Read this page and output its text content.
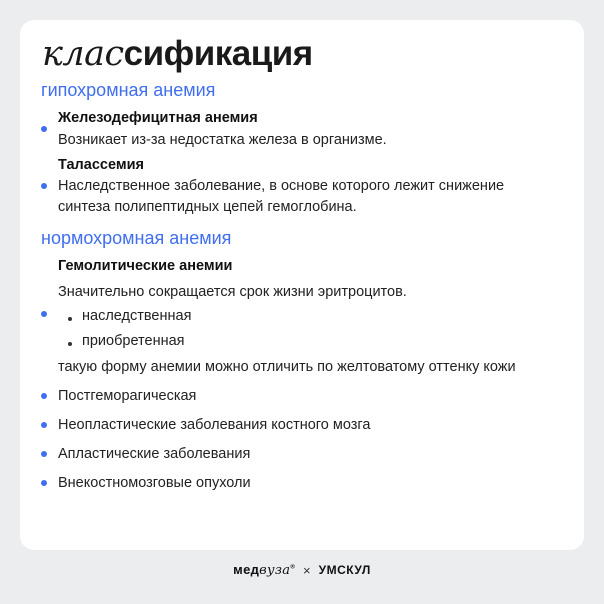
классификация
гипохромная анемия
Железодефицитная анемия
Возникает из-за недостатка железа в организме.
Талассемия
Наследственное заболевание, в основе которого лежит снижение
синтеза полипептидных цепей гемоглобина.
нормохромная анемия
Гемолитические анемии
Значительно сокращается срок жизни эритроцитов.
наследственная
приобретенная
такую форму анемии можно отличить по желтоватому оттенку кожи
Постгеморагическая
Неопластические заболевания костного мозга
Апластические заболевания
Внекостномозговые опухоли
медвуза® × УМСКУЛ
